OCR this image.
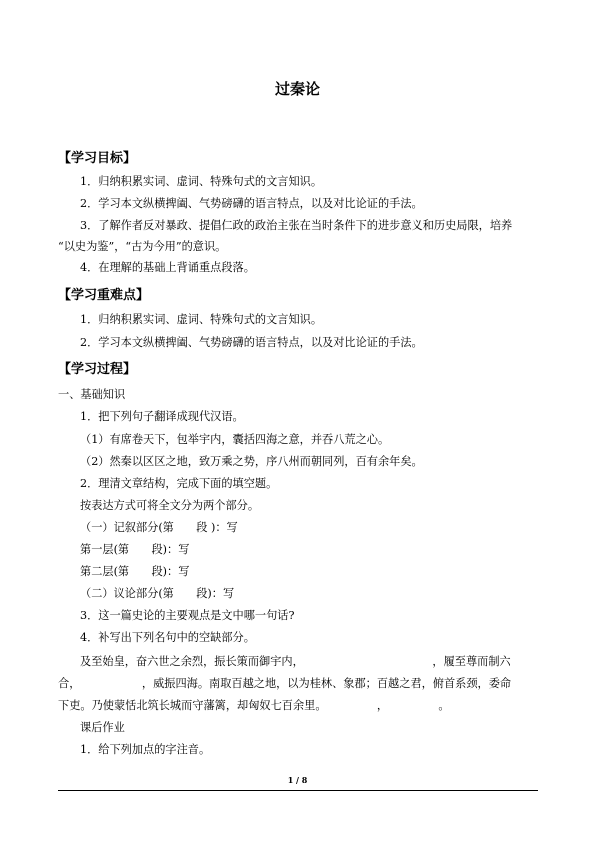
过秦论
【学习目标】
1．归纳积累实词、虚词、特殊句式的文言知识。
2．学习本文纵横捭阖、气势磅礴的语言特点，以及对比论证的手法。
3．了解作者反对暴政、提倡仁政的政治主张在当时条件下的进步意义和历史局限，培养
“以史为鉴”，“古为今用”的意识。
4．在理解的基础上背诵重点段落。
【学习重难点】
1．归纳积累实词、虚词、特殊句式的文言知识。
2．学习本文纵横捭阖、气势磅礴的语言特点，以及对比论证的手法。
【学习过程】
一、基础知识
1．把下列句子翻译成现代汉语。
（1）有席卷天下，包举宇内，囊括四海之意，并吞八荒之心。
（2）然秦以区区之地，致万乘之势，序八州而朝同列，百有余年矣。
2．理清文章结构，完成下面的填空题。
按表达方式可将全文分为两个部分。
（一）记叙部分(第　　段 )：写
第一层(第　　段)：写
第二层(第　　段)：写
（二）议论部分(第　　段)：写
3．这一篇史论的主要观点是文中哪一句话?
4．补写出下列名句中的空缺部分。
及至始皇，奋六世之余烈，振长策而御宇内，　　　　　　　　　　　　，履至尊而制六
合，　　　　　　，威振四海。南取百越之地，以为桂林、象郡；百越之君，俯首系颈，委命
下吏。乃使蒙恬北筑长城而守藩篱，却匈奴七百余里。　　　　　，　　　　　。
课后作业
1．给下列加点的字注音。
1 / 8
